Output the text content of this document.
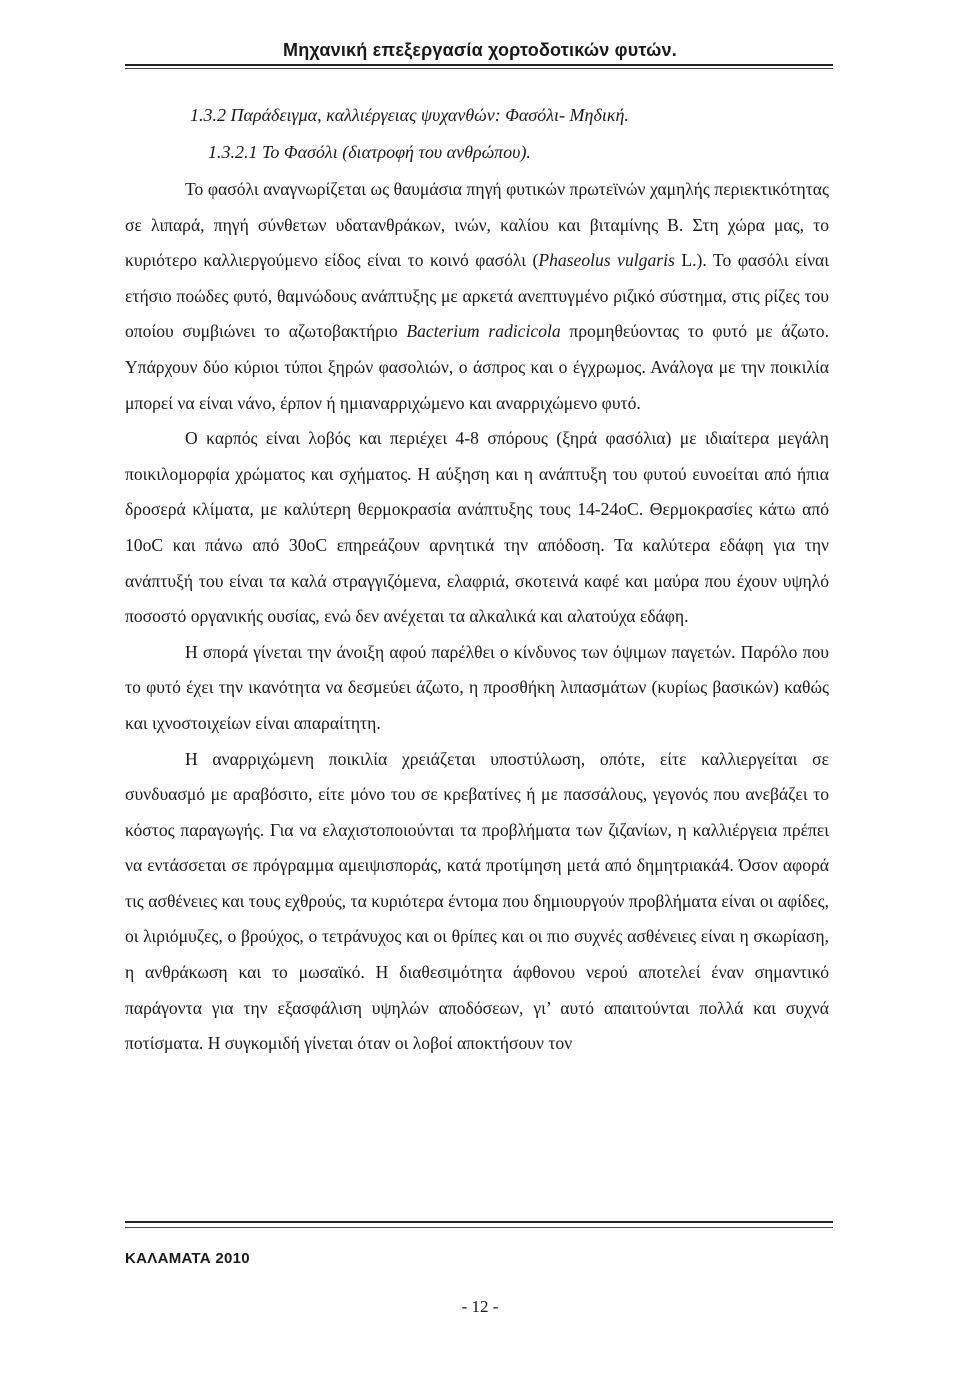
Μηχανική επεξεργασία χορτοδοτικών φυτών.
1.3.2 Παράδειγμα, καλλιέργειας ψυχανθών: Φασόλι- Μηδική.
1.3.2.1 Το Φασόλι (διατροφή του ανθρώπου).

Το φασόλι αναγνωρίζεται ως θαυμάσια πηγή φυτικών πρωτεϊνών χαμηλής περιεκτικότητας σε λιπαρά, πηγή σύνθετων υδατανθράκων, ινών, καλίου και βιταμίνης Β. Στη χώρα μας, το κυριότερο καλλιεργούμενο είδος είναι το κοινό φασόλι (Phaseolus vulgaris L.). Το φασόλι είναι ετήσιο ποώδες φυτό, θαμνώδους ανάπτυξης με αρκετά ανεπτυγμένο ριζικό σύστημα, στις ρίζες του οποίου συμβιώνει το αζωτοβακτήριο Bacterium radicicola προμηθεύοντας το φυτό με άζωτο. Υπάρχουν δύο κύριοι τύποι ξηρών φασολιών, ο άσπρος και ο έγχρωμος. Ανάλογα με την ποικιλία μπορεί να είναι νάνο, έρπον ή ημιαναρριχώμενο και αναρριχώμενο φυτό.

Ο καρπός είναι λοβός και περιέχει 4-8 σπόρους (ξηρά φασόλια) με ιδιαίτερα μεγάλη ποικιλομορφία χρώματος και σχήματος. Η αύξηση και η ανάπτυξη του φυτού ευνοείται από ήπια δροσερά κλίματα, με καλύτερη θερμοκρασία ανάπτυξης τους 14-24oC. Θερμοκρασίες κάτω από 10oC και πάνω από 30oC επηρεάζουν αρνητικά την απόδοση. Τα καλύτερα εδάφη για την ανάπτυξή του είναι τα καλά στραγγιζόμενα, ελαφριά, σκοτεινά καφέ και μαύρα που έχουν υψηλό ποσοστό οργανικής ουσίας, ενώ δεν ανέχεται τα αλκαλικά και αλατούχα εδάφη.

Η σπορά γίνεται την άνοιξη αφού παρέλθει ο κίνδυνος των όψιμων παγετών. Παρόλο που το φυτό έχει την ικανότητα να δεσμεύει άζωτο, η προσθήκη λιπασμάτων (κυρίως βασικών) καθώς και ιχνοστοιχείων είναι απαραίτητη.

Η αναρριχώμενη ποικιλία χρειάζεται υποστύλωση, οπότε, είτε καλλιεργείται σε συνδυασμό με αραβόσιτο, είτε μόνο του σε κρεβατίνες ή με πασσάλους, γεγονός που ανεβάζει το κόστος παραγωγής. Για να ελαχιστοποιούνται τα προβλήματα των ζιζανίων, η καλλιέργεια πρέπει να εντάσσεται σε πρόγραμμα αμειψισποράς, κατά προτίμηση μετά από δημητριακά4. Όσον αφορά τις ασθένειες και τους εχθρούς, τα κυριότερα έντομα που δημιουργούν προβλήματα είναι οι αφίδες, οι λιριόμυζες, ο βρούχος, ο τετράνυχος και οι θρίπες και οι πιο συχνές ασθένειες είναι η σκωρίαση, η ανθράκωση και το μωσαϊκό. Η διαθεσιμότητα άφθονου νερού αποτελεί έναν σημαντικό παράγοντα για την εξασφάλιση υψηλών αποδόσεων, γι’ αυτό απαιτούνται πολλά και συχνά ποτίσματα. Η συγκομιδή γίνεται όταν οι λοβοί αποκτήσουν τον

ΚΑΛΑΜΑΤΑ 2010
- 12 -
